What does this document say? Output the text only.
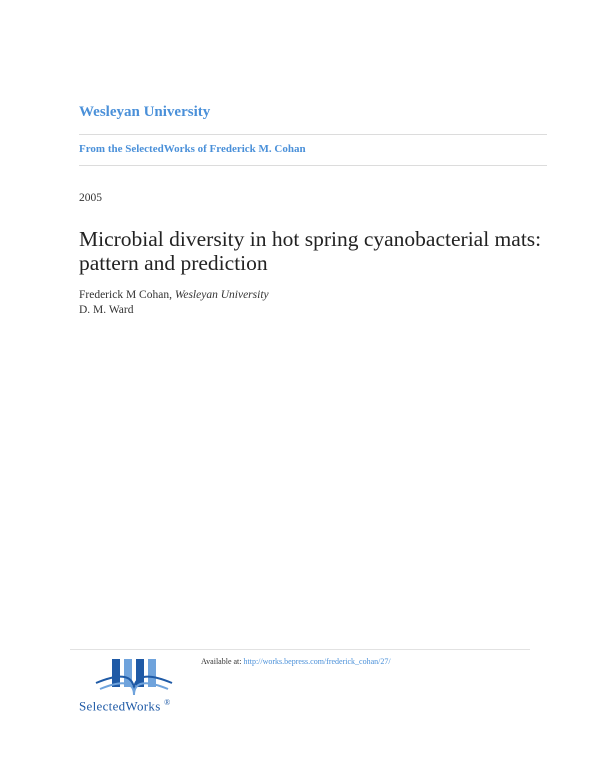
Wesleyan University
From the SelectedWorks of Frederick M. Cohan
2005
Microbial diversity in hot spring cyanobacterial mats: pattern and prediction
Frederick M Cohan, Wesleyan University
D. M. Ward
SelectedWorks ®
Available at: http://works.bepress.com/frederick_cohan/27/
